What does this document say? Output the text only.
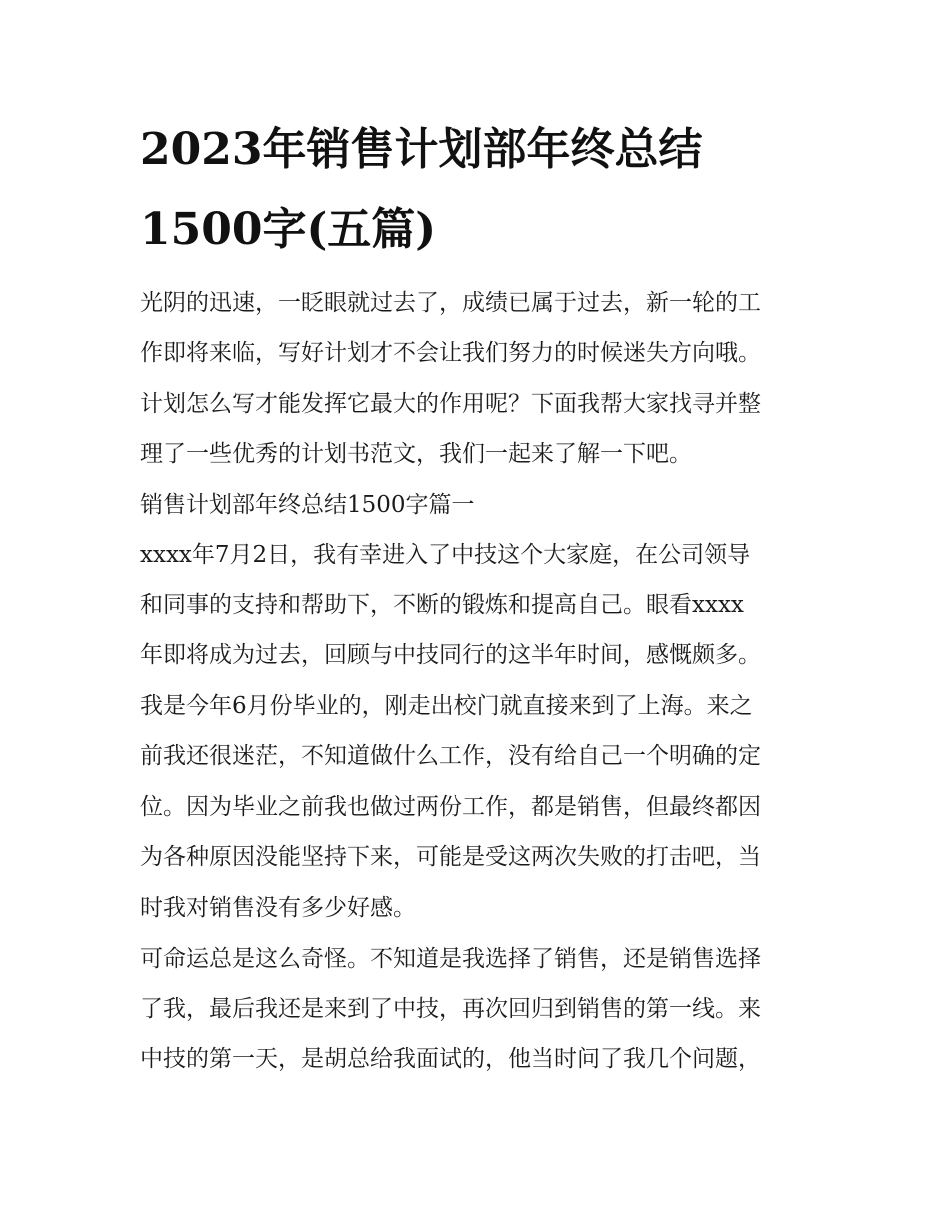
2023年销售计划部年终总结
1500字(五篇)
光阴的迅速，一眨眼就过去了，成绩已属于过去，新一轮的工
作即将来临，写好计划才不会让我们努力的时候迷失方向哦。
计划怎么写才能发挥它最大的作用呢？下面我帮大家找寻并整
理了一些优秀的计划书范文，我们一起来了解一下吧。
销售计划部年终总结1500字篇一
xxxx年7月2日，我有幸进入了中技这个大家庭，在公司领导
和同事的支持和帮助下，不断的锻炼和提高自己。眼看xxxx
年即将成为过去，回顾与中技同行的这半年时间，感慨颇多。
我是今年6月份毕业的，刚走出校门就直接来到了上海。来之
前我还很迷茫，不知道做什么工作，没有给自己一个明确的定
位。因为毕业之前我也做过两份工作，都是销售，但最终都因
为各种原因没能坚持下来，可能是受这两次失败的打击吧，当
时我对销售没有多少好感。
可命运总是这么奇怪。不知道是我选择了销售，还是销售选择
了我，最后我还是来到了中技，再次回归到销售的第一线。来
中技的第一天，是胡总给我面试的，他当时问了我几个问题，
